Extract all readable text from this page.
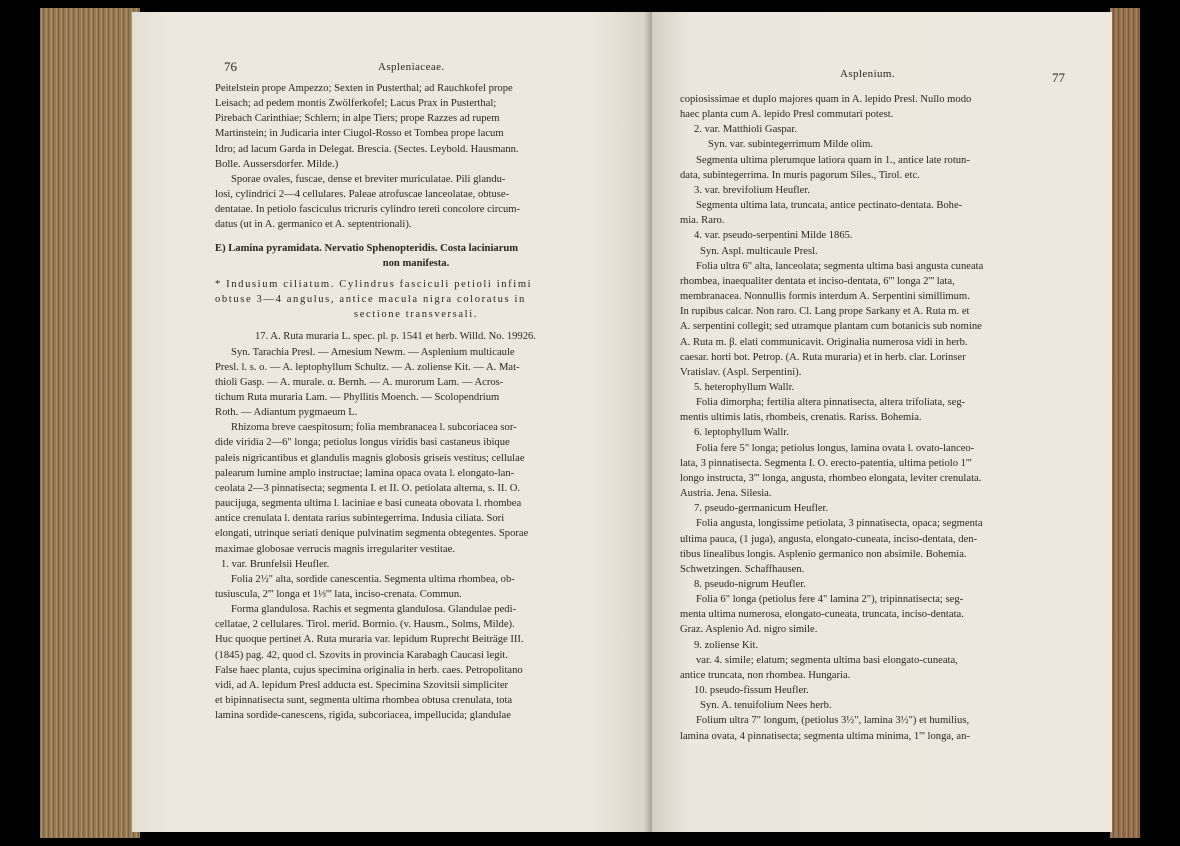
76	Aspleniaceae.
Peitelstein prope Ampezzo; Sexten in Pusterthal; ad Rauchkofel prope
Leisach; ad pedem montis Zwölferkofel; Lacus Prax in Pusterthal;
Pirebach Carinthiae; Schlern; in alpe Tiers; prope Razzes ad rupem
Martinstein; in Judicaria inter Ciugol-Rosso et Tombea prope lacum
Idro; ad lacum Garda in Delegat. Brescia. (Sectes. Leybold. Hausmann.
Bolle. Aussersdorfer. Milde.)
Sporae ovales, fuscae, dense et breviter muriculatae. Pili glandu-
losi, cylindrici 2—4 cellulares. Paleae atrofuscae lanceolatae, obtuse-
dentatae. In petiolo fasciculus tricruris cylindro tereti concolore circum-
datus (ut in A. germanico et A. septentrionali).
E) Lamina pyramidata. Nervatio Sphenopteridis. Costa laciniarum
non manifesta.
* Indusium ciliatum. Cylindrus fasciculi petioli infimi
obtuse 3—4 angulus, antice macula nigra coloratus in
sectione transversali.
17. A. Ruta muraria L. spec. pl. p. 1541 et herb. Willd. No. 19926.
Syn. Tarachia Presl. — Amesium Newm. — Asplenium multicaule
Presl. l. s. o. — A. leptophyllum Schultz. — A. zoliense Kit. — A. Mat-
thioli Gasp. — A. murale. α. Bernh. — A. murorum Lam. — Acros-
tichum Ruta muraria Lam. — Phyllitis Moench. — Scolopendrium
Roth. — Adiantum pygmaeum L.
Rhizoma breve caespitosum; folia membranacea l. subcoriacea sor-
dide viridia 2—6" longa; petiolus longus viridis basi castaneus ibique
paleis nigricantibus et glandulis magnis globosis griseis vestitus; cellulae
palearum lumine amplo instructae; lamina opaca ovata l. elongato-lan-
ceolata 2—3 pinnatisecta; segmenta I. et II. O. petiolata alterna, s. II. O.
paucijuga, segmenta ultima l. laciniae e basi cuneata obovata l. rhombea
antice crenulata l. dentata rarius subintegerrima. Indusia ciliata. Sori
elongati, utrinque seriati denique pulvinatim segmenta obtegentes. Sporae
maximae globosae verrucis magnis irregulariter vestitae.
1. var. Brunfelsii Heufler.
Folia 2½" alta, sordide canescentia. Segmenta ultima rhombea, ob-
tusiuscula, 2''' longa et 1⅓''' lata, inciso-crenata. Commun.
Forma glandulosa. Rachis et segmenta glandulosa. Glandulae pedi-
cellatae, 2 cellulares. Tirol. merid. Bormio. (v. Hausm., Solms, Milde).
Huc quoque pertinet A. Ruta muraria var. lepidum Ruprecht Beiträge III.
(1845) pag. 42, quod cl. Szovits in provincia Karabagh Caucasi legit.
False haec planta, cujus specimina originalia in herb. caes. Petropolitano
vidi, ad A. lepidum Presl adducta est. Specimina Szovitsii simpliciter
et bipinnatisecta sunt, segmenta ultima rhombea obtusa crenulata, tota
lamina sordide-canescens, rigida, subcoriacea, impellucida; glandulae
Asplenium.	77
copiosissimae et duplo majores quam in A. lepido Presl. Nullo modo
haec planta cum A. lepido Presl commutari potest.
2. var. Matthioli Gaspar.
Syn. var. subintegerrimum Milde olim.
Segmenta ultima plerumque latiora quam in 1., antice late rotun-
data, subintegerrima. In muris pagorum Siles., Tirol. etc.
3. var. brevifolium Heufler.
Segmenta ultima lata, truncata, antice pectinato-dentata. Bohe-
mia. Raro.
4. var. pseudo-serpentini Milde 1865.
Syn. Aspl. multicaule Presl.
Folia ultra 6" alta, lanceolata; segmenta ultima basi angusta cuneata
rhombea, inaequaliter dentata et inciso-dentata, 6''' longa 2''' lata,
membranacea. Nonnullis formis interdum A. Serpentini simillimum.
In rupibus calcar. Non raro. Cl. Lang prope Sarkany et A. Ruta m. et
A. serpentini collegit; sed utramque plantam cum botanicis sub nomine
A. Ruta m. β. elati communicavit. Originalia numerosa vidi in herb.
caesar. horti bot. Petrop. (A. Ruta muraria) et in herb. clar. Lorinser
Vratislav. (Aspl. Serpentini).
5. heterophyllum Wallr.
Folia dimorpha; fertilia altera pinnatisecta, altera trifoliata, seg-
mentis ultimis latis, rhombeis, crenatis. Rariss. Bohemia.
6. leptophyllum Wallr.
Folia fere 5" longa; petiolus longus, lamina ovata l. ovato-lanceo-
lata, 3 pinnatisecta. Segmenta I. O. erecto-patentia, ultima petiolo 1'''
longo instructa, 3''' longa, angusta, rhombeo elongata, leviter crenulata.
Austria. Jena. Silesia.
7. pseudo-germanicum Heufler.
Folia angusta, longissime petiolata, 3 pinnatisecta, opaca; segmenta
ultima pauca, (1 juga), angusta, elongato-cuneata, inciso-dentata, den-
tibus linealibus longis. Asplenio germanico non absimile. Bohemia.
Schwetzingen. Schaffhausen.
8. pseudo-nigrum Heufler.
Folia 6" longa (petiolus fere 4" lamina 2"), tripinnatisecta; seg-
menta ultima numerosa, elongato-cuneata, truncata, inciso-dentata.
Graz. Asplenio Ad. nigro simile.
9. zoliense Kit.
var. 4. simile; elatum; segmenta ultima basi elongato-cuneata,
antice truncata, non rhombea. Hungaria.
10. pseudo-fissum Heufler.
Syn. A. tenuifolium Nees herb.
Folium ultra 7" longum, (petiolus 3½", lamina 3½") et humilius,
lamina ovata, 4 pinnatisecta; segmenta ultima minima, 1''' longa, an-
